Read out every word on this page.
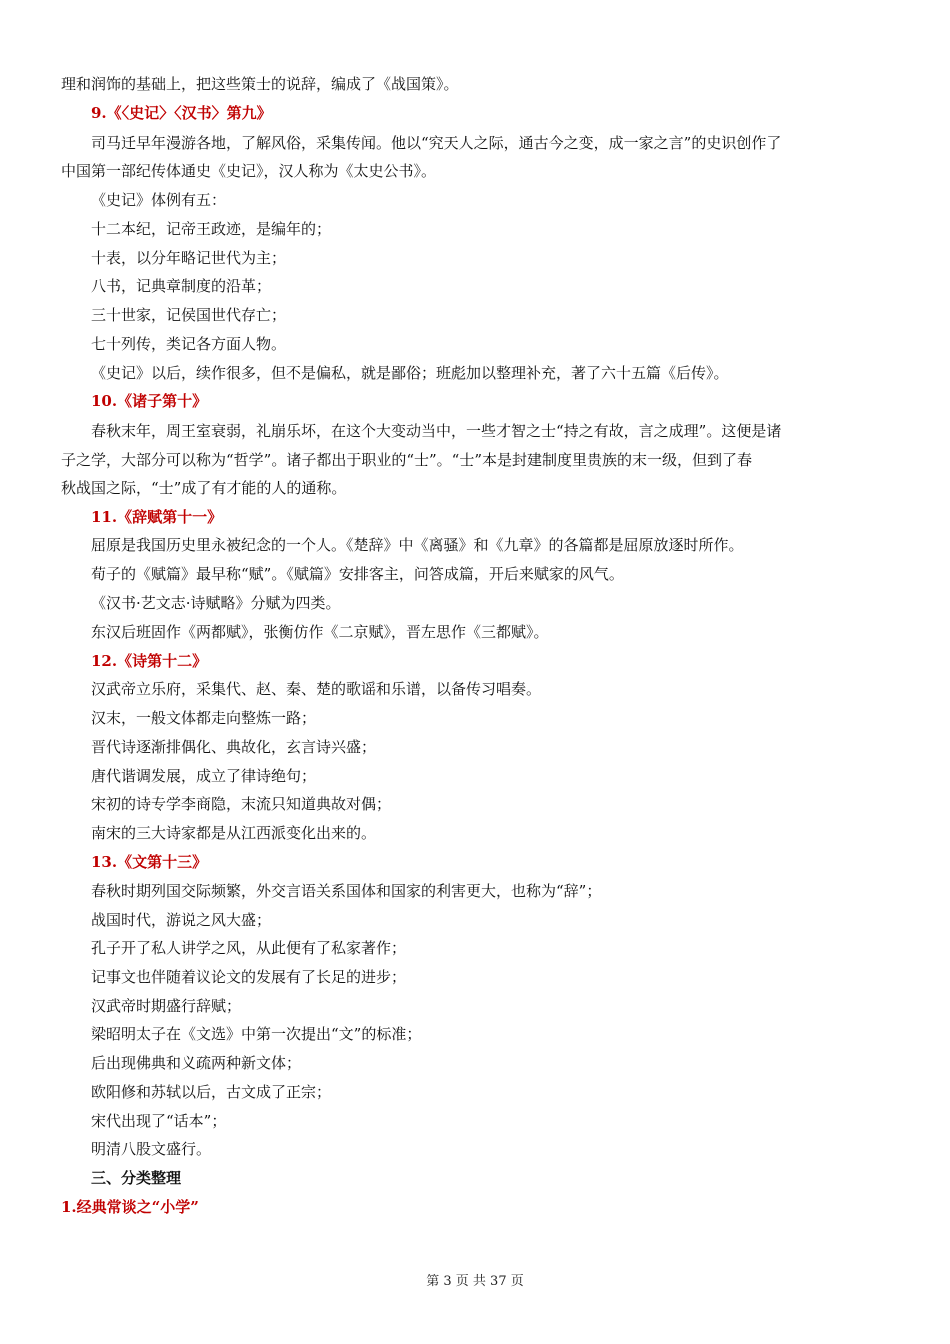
理和润饰的基础上，把这些策士的说辞，编成了《战国策》。

9.《〈史记〉〈汉书〉第九》

司马迁早年漫游各地，了解风俗，采集传闻。他以“究天人之际，通古今之变，成一家之言”的史识创作了

中国第一部纪传体通史《史记》，汉人称为《太史公书》。

《史记》体例有五：

十二本纪，记帝王政迹，是编年的；

十表，以分年略记世代为主；

八书，记典章制度的沿革；

三十世家，记侯国世代存亡；

七十列传，类记各方面人物。

《史记》以后，续作很多，但不是偏私，就是鄙俗；班彪加以整理补充，著了六十五篇《后传》。

10.《诸子第十》

春秋末年，周王室衰弱，礼崩乐坏，在这个大变动当中，一些才智之士“持之有故，言之成理”。这便是诸

子之学，大部分可以称为“哲学”。诸子都出于职业的“士”。“士”本是封建制度里贵族的末一级，但到了春

秋战国之际，“士”成了有才能的人的通称。

11.《辞赋第十一》

屈原是我国历史里永被纪念的一个人。《楚辞》中《离骚》和《九章》的各篇都是屈原放逐时所作。

荀子的《赋篇》最早称“赋”。《赋篇》安排客主，问答成篇，开后来赋家的风气。

《汉书·艺文志·诗赋略》分赋为四类。

东汉后班固作《两都赋》，张衡仿作《二京赋》，晋左思作《三都赋》。

12.《诗第十二》

汉武帝立乐府，采集代、赵、秦、楚的歌谣和乐谱，以备传习唱奏。

汉末，一般文体都走向整炼一路；

晋代诗逐渐排偶化、典故化，玄言诗兴盛；

唐代谐调发展，成立了律诗绝句；

宋初的诗专学李商隐，末流只知道典故对偶；

南宋的三大诗家都是从江西派变化出来的。

13.《文第十三》

春秋时期列国交际频繁，外交言语关系国体和国家的利害更大，也称为“辞”；

战国时代，游说之风大盛；

孔子开了私人讲学之风，从此便有了私家著作；

记事文也伴随着议论文的发展有了长足的进步；

汉武帝时期盛行辞赋；

梁昭明太子在《文选》中第一次提出“文”的标准；

后出现佛典和义疏两种新文体；

欧阳修和苏轼以后，古文成了正宗；

宋代出现了“话本”；

明清八股文盛行。

三、分类整理

1.经典常谈之“小学”

第 3 页 共 37 页
